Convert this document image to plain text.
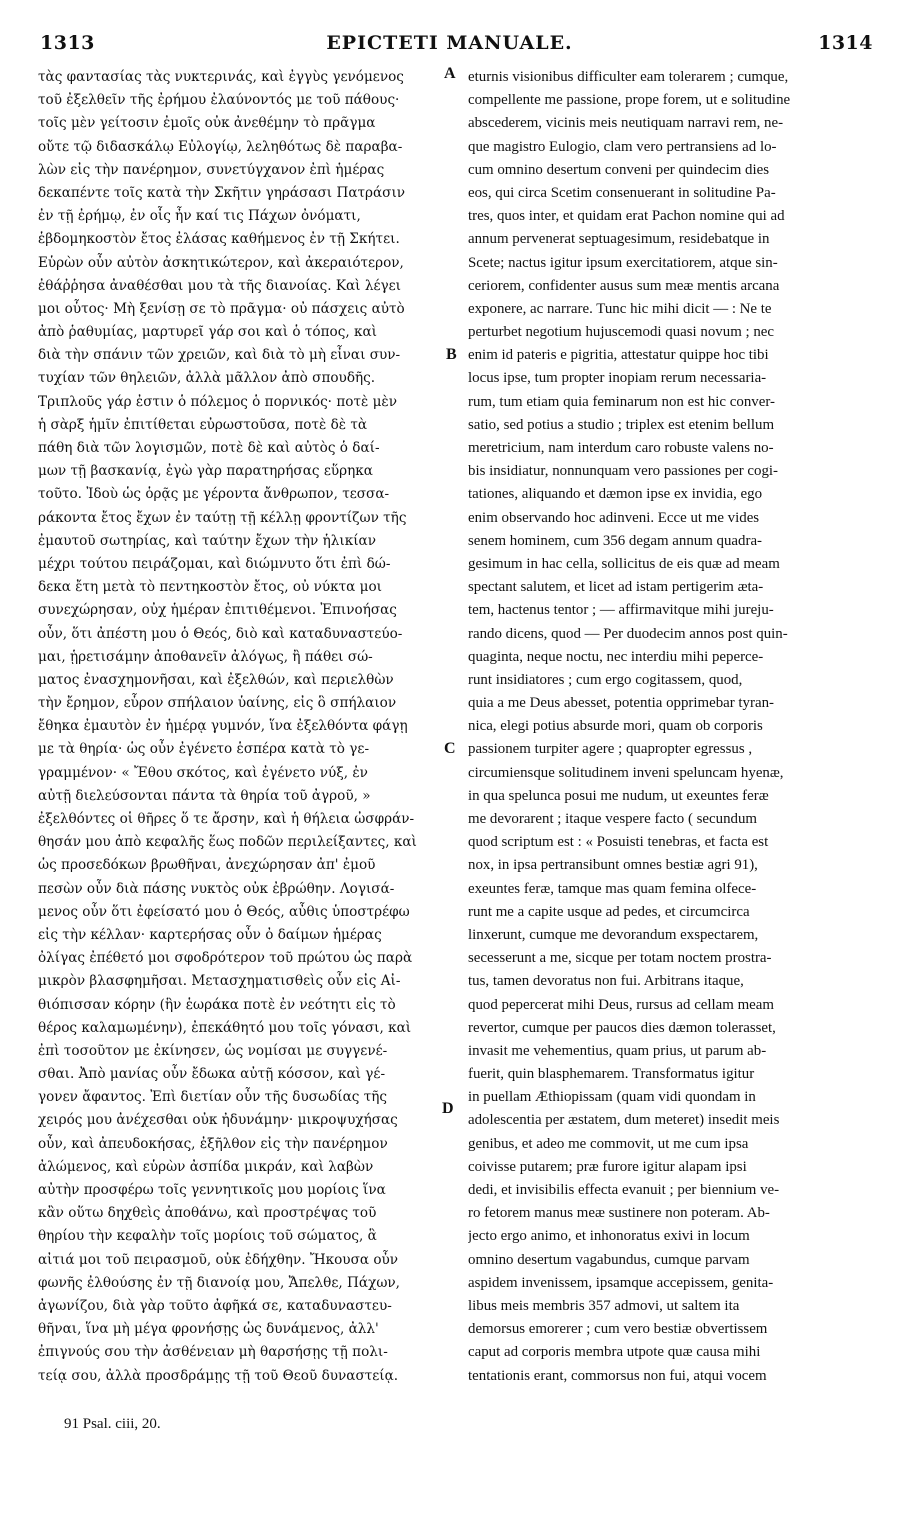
1313	EPICTETI MANUALE.	1314
τὰς φαντασίας τὰς νυκτερινάς, καὶ ἐγγὺς γενόμενος
τοῦ ἐξελθεῖν τῆς ἐρήμου ἐλαύνοντός με τοῦ πάθους·
τοῖς μὲν γείτοσιν ἐμοῖς οὐκ ἀνεθέμην τὸ πρᾶγμα
οὔτε τῷ διδασκάλῳ Εὐλογίῳ, λεληθότως δὲ παραβα-
λὼν εἰς τὴν πανέρημον, συνετύγχανον ἐπὶ ἡμέρας
δεκαπέντε τοῖς κατὰ τὴν Σκῆτιν γηράσασι Πατράσιν
ἐν τῇ ἐρήμῳ, ἐν οἷς ἦν καί τις Πάχων ὀνόματι,
ἑβδομηκοστὸν ἔτος ἐλάσας καθήμενος ἐν τῇ Σκήτει.
Εὑρὼν οὖν αὐτὸν ἀσκητικώτερον, καὶ ἀκεραιότερον,
ἐθάῤῥησα ἀναθέσθαι μου τὰ τῆς διανοίας. Καὶ λέγει
μοι οὗτος· Μὴ ξενίσῃ σε τὸ πρᾶγμα· οὐ πάσχεις αὐτὸ
ἀπὸ ῥαθυμίας, μαρτυρεῖ γάρ σοι καὶ ὁ τόπος, καὶ
διὰ τὴν σπάνιν τῶν χρειῶν, καὶ διὰ τὸ μὴ εἶναι συν-
τυχίαν τῶν θηλειῶν, ἀλλὰ μᾶλλον ἀπὸ σπουδῆς.
Τριπλοῦς γάρ ἐστιν ὁ πόλεμος ὁ πορνικός· ποτὲ μὲν
ἡ σὰρξ ἡμῖν ἐπιτίθεται εὐρωστοῦσα, ποτὲ δὲ τὰ
πάθη διὰ τῶν λογισμῶν, ποτὲ δὲ καὶ αὐτὸς ὁ δαί-
μων τῇ βασκανίᾳ, ἐγὼ γὰρ παρατηρήσας εὕρηκα
τοῦτο. Ἰδοὺ ὡς ὁρᾷς με γέροντα ἄνθρωπον, τεσσα-
ράκοντα ἔτος ἔχων ἐν ταύτῃ τῇ κέλλῃ φροντίζων τῆς
ἐμαυτοῦ σωτηρίας, καὶ ταύτην ἔχων τὴν ἡλικίαν
μέχρι τούτου πειράζομαι, καὶ διώμνυτο ὅτι ἐπὶ δώ-
δεκα ἔτη μετὰ τὸ πεντηκοστὸν ἔτος, οὐ νύκτα μοι
συνεχώρησαν, οὐχ ἡμέραν ἐπιτιθέμενοι. Ἐπινοήσας
οὖν, ὅτι ἀπέστη μου ὁ Θεός, διὸ καὶ καταδυναστεύο-
μαι, ᾑρετισάμην ἀποθανεῖν ἀλόγως, ἢ πάθει σώ-
ματος ἐνασχημονῆσαι, καὶ ἐξελθών, καὶ περιελθὼν
τὴν ἔρημον, εὗρον σπήλαιον ὑαίνης, εἰς ὃ σπήλαιον
ἔθηκα ἐμαυτὸν ἐν ἡμέρᾳ γυμνόν, ἵνα ἐξελθόντα φάγῃ
με τὰ θηρία· ὡς οὖν ἐγένετο ἑσπέρα κατὰ τὸ γε-
γραμμένον· « Ἔθου σκότος, καὶ ἐγένετο νύξ, ἐν
αὐτῇ διελεύσονται πάντα τὰ θηρία τοῦ ἀγροῦ, »
ἐξελθόντες οἱ θῆρες ὅ τε ἄρσην, καὶ ἡ θήλεια ὠσφράν-
θησάν μου ἀπὸ κεφαλῆς ἕως ποδῶν περιλείξαντες, καὶ
ὡς προσεδόκων βρωθῆναι, ἀνεχώρησαν ἀπ' ἐμοῦ
πεσὼν οὖν διὰ πάσης νυκτὸς οὐκ ἐβρώθην. Λογισά-
μενος οὖν ὅτι ἐφείσατό μου ὁ Θεός, αὖθις ὑποστρέφω
εἰς τὴν κέλλαν· καρτερήσας οὖν ὀ δαίμων ἡμέρας
ὀλίγας ἐπέθετό μοι σφοδρότερον τοῦ πρώτου ὡς παρὰ
μικρὸν βλασφημῆσαι. Μετασχηματισθεὶς οὖν εἰς Αἰ-
θιόπισσαν κόρην (ἣν ἑωράκα ποτὲ ἐν νεότητι εἰς τὸ
θέρος καλαμωμένην), ἐπεκάθητό μου τοῖς γόνασι, καὶ
ἐπὶ τοσοῦτον με ἐκίνησεν, ὡς νομίσαι με συγγενέ-
σθαι. Ἀπὸ μανίας οὖν ἔδωκα αὐτῇ κόσσον, καὶ γέ-
γονεν ἄφαντος. Ἐπὶ διετίαν οὖν τῆς δυσωδίας τῆς
χειρός μου ἀνέχεσθαι οὐκ ἠδυνάμην· μικροψυχήσας
οὖν, καὶ ἀπευδοκήσας, ἐξῆλθον εἰς τὴν πανέρημον
ἀλώμενος, καὶ εὑρὼν ἀσπίδα μικράν, καὶ λαβὼν
αὐτὴν προσφέρω τοῖς γεννητικοῖς μου μορίοις ἵνα
κἂν οὕτω δηχθεὶς ἀποθάνω, καὶ προστρέψας τοῦ
θηρίου τὴν κεφαλὴν τοῖς μορίοις τοῦ σώματος, ἃ
αἰτιά μοι τοῦ πειρασμοῦ, οὐκ ἐδήχθην. Ἤκουσα οὖν
φωνῆς ἐλθούσης ἐν τῇ διανοίᾳ μου, Ἄπελθε, Πάχων,
ἀγωνίζου, διὰ γὰρ τοῦτο ἀφῆκά σε, καταδυναστευ-
θῆναι, ἵνα μὴ μέγα φρονήσῃς ὡς δυνάμενος, ἀλλ'
ἐπιγνούς σου τὴν ἀσθένειαν μὴ θαρσήσῃς τῇ πολι-
τείᾳ σου, ἀλλὰ προσδράμῃς τῇ τοῦ Θεοῦ δυναστείᾳ.
A
B
C
D
eturnis visionibus difficulter eam tolerarem ; cumque,
compellente me passione, prope forem, ut e solitudine
abscederem, vicinis meis neutiquam narravi rem, ne-
que magistro Eulogio, clam vero pertransiens ad lo-
cum omnino desertum conveni per quindecim dies
eos, qui circa Scetim consenuerant in solitudine Pa-
tres, quos inter, et quidam erat Pachon nomine qui ad
annum pervenerat septuagesimum, residebatque in
Scete; nactus igitur ipsum exercitatiorem, atque sin-
ceriorem, confidenter ausus sum meæ mentis arcana
exponere, ac narrare. Tunc hic mihi dicit — : Ne te
perturbet negotium hujuscemodi quasi novum ; nec
enim id pateris e pigritia, attestatur quippe hoc tibi
locus ipse, tum propter inopiam rerum necessaria-
rum, tum etiam quia feminarum non est hic conver-
satio, sed potius a studio ; triplex est etenim bellum
meretricium, nam interdum caro robuste valens no-
bis insidiatur, nonnunquam vero passiones per cogi-
tationes, aliquando et dæmon ipse ex invidia, ego
enim observando hoc adinveni. Ecce ut me vides
senem hominem, cum 356 degam annum quadra-
gesimum in hac cella, sollicitus de eis quæ ad meam
spectant salutem, et licet ad istam pertigerim æta-
tem, hactenus tentor ; — affirmavitque mihi jureju-
rando dicens, quod — Per duodecim annos post quin-
quaginta, neque noctu, nec interdiu mihi peperce-
runt insidiatores ; cum ergo cogitassem, quod,
quia a me Deus abesset, potentia opprimebar tyran-
nica, elegi potius absurde mori, quam ob corporis
passionem turpiter agere ; quapropter egressus ,
circumiensque solitudinem inveni speluncam hyenæ,
in qua spelunca posui me nudum, ut exeuntes feræ
me devorarent ; itaque vespere facto ( secundum
quod scriptum est : « Posuisti tenebras, et facta est
nox, in ipsa pertransibunt omnes bestiæ agri 91),
exeuntes feræ, tamque mas quam femina olfece-
runt me a capite usque ad pedes, et circumcirca
linxerunt, cumque me devorandum exspectarem,
secesserunt a me, sicque per totam noctem prostra-
tus, tamen devoratus non fui. Arbitrans itaque,
quod pepercerat mihi Deus, rursus ad cellam meam
revertor, cumque per paucos dies dæmon tolerasset,
invasit me vehementius, quam prius, ut parum ab-
fuerit, quin blasphemarem. Transformatus igitur
in puellam Æthiopissam (quam vidi quondam in
adolescentia per æstatem, dum meteret) insedit meis
genibus, et adeo me commovit, ut me cum ipsa
coivisse putarem; præ furore igitur alapam ipsi
dedi, et invisibilis effecta evanuit ; per biennium ve-
ro fetorem manus meæ sustinere non poteram. Ab-
jecto ergo animo, et inhonoratus exivi in locum
omnino desertum vagabundus, cumque parvam
aspidem invenissem, ipsamque accepissem, genita-
libus meis membris 357 admovi, ut saltem ita
demorsus emorerer ; cum vero bestiæ obvertissem
caput ad corporis membra utpote quæ causa mihi
tentationis erant, commorsus non fui, atqui vocem
91 Psal. ciii, 20.
